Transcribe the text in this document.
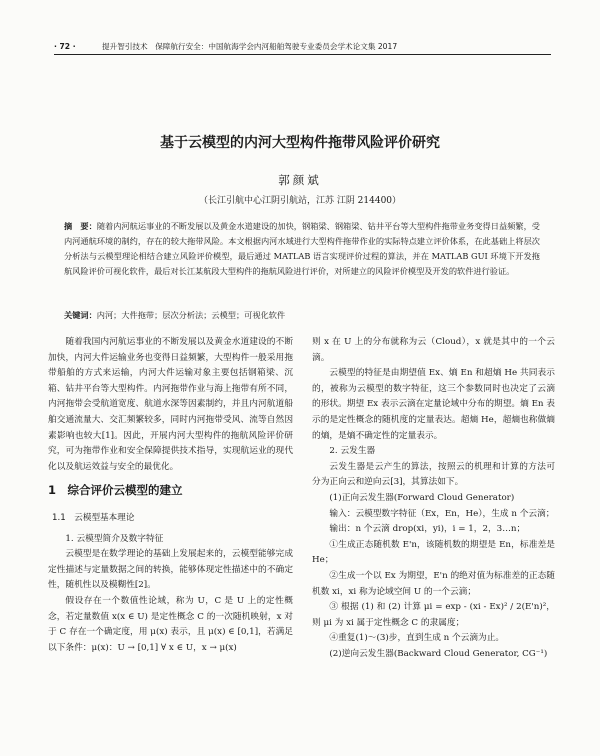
· 72 ·	提升智引技术　保障航行安全：中国航海学会内河船舶驾驶专业委员会学术论文集 2017
基于云模型的内河大型构件拖带风险评价研究
郭颜斌
（长江引航中心江阴引航站，江苏 江阴 214400）
摘　要：随着内河航运事业的不断发展以及黄金水道建设的加快，钢箱梁、钢箱梁、钻井平台等大型构件拖带业务变得日益频繁，受内河通航环境的制约，存在的较大拖带风险。本文根据内河水域进行大型构件拖带作业的实际特点建立评价体系，在此基础上将层次分析法与云模型理论相结合建立风险评价模型，最后通过 MATLAB 语言实现评价过程的算法，并在 MATLAB GUI 环境下开发拖航风险评价可视化软件，最后对长江某航段大型构件的拖航风险进行评价，对所建立的风险评价模型及开发的软件进行验证。
关键词：内河；大件拖带；层次分析法；云模型；可视化软件

随着我国内河航运事业的不断发展以及黄金水道建设的不断加快，内河大件运输业务也变得日益频繁，大型构件一般采用拖带船舶的方式来运输，内河大件运输对象主要包括钢箱梁、沉箱、钻井平台等大型构件。内河拖带作业与海上拖带有所不同，内河拖带会受航道宽度、航道水深等因素制约，并且内河航道船舶交通流量大、交汇频繁较多，同时内河拖带受风、流等自然因素影响也较大[1]。因此，开展内河大型构件的拖航风险评价研究，可为拖带作业和安全保障提供技术指导，实现航运业的现代化以及航运效益与安全的最优化。

1　综合评价云模型的建立
1.1　云模型基本理论

1. 云模型简介及数字特征

云模型是在数学理论的基础上发展起来的，云模型能够完成定性描述与定量数据之间的转换，能够体现定性描述中的不确定性，随机性以及模糊性[2]。

假设存在一个数值性论域，称为 U，C 是 U 上的定性概念，若定量数值 x(x ∈ U) 是定性概念 C 的一次随机映射，x 对于 C 存在一个确定度，用 μ(x) 表示，且 μ(x) ∈ [0,1]，若满足以下条件：μ(x)：U → [0,1] ∀ x ∈ U，x → μ(x)

则 x 在 U 上的分布就称为云（Cloud），x 就是其中的一个云滴。

云模型的特征是由期望值 Ex、熵 En 和超熵 He 共同表示的，被称为云模型的数字特征，这三个参数同时也决定了云滴的形状。期望 Ex 表示云滴在定量论域中分布的期望。熵 En 表示的是定性概念的随机度的定量表达。超熵 He，超熵也称做熵的熵，是熵不确定性的定量表示。

2. 云发生器

云发生器是云产生的算法，按照云的机理和计算的方法可分为正向云和逆向云[3]，其算法如下。

(1)正向云发生器(Forward Cloud Generator)

输入：云模型数字特征（Ex，En，He），生成 n 个云滴；

输出：n 个云滴 drop(xi，yi)，i = 1，2，3…n；

①生成正态随机数 E'n，该随机数的期望是 En，标准差是 He；

②生成一个以 Ex 为期望，E'n 的绝对值为标准差的正态随机数 xi，xi 称为论域空间 U 的一个云滴；

③ 根据 (1) 和 (2) 计算 μi = exp - (xi - Ex)² / 2(E'n)²，则 μi 为 xi 属于定性概念 C 的隶属度；

④重复(1)～(3)步，直到生成 n 个云滴为止。

(2)逆向云发生器(Backward Cloud Generator, CG⁻¹)
